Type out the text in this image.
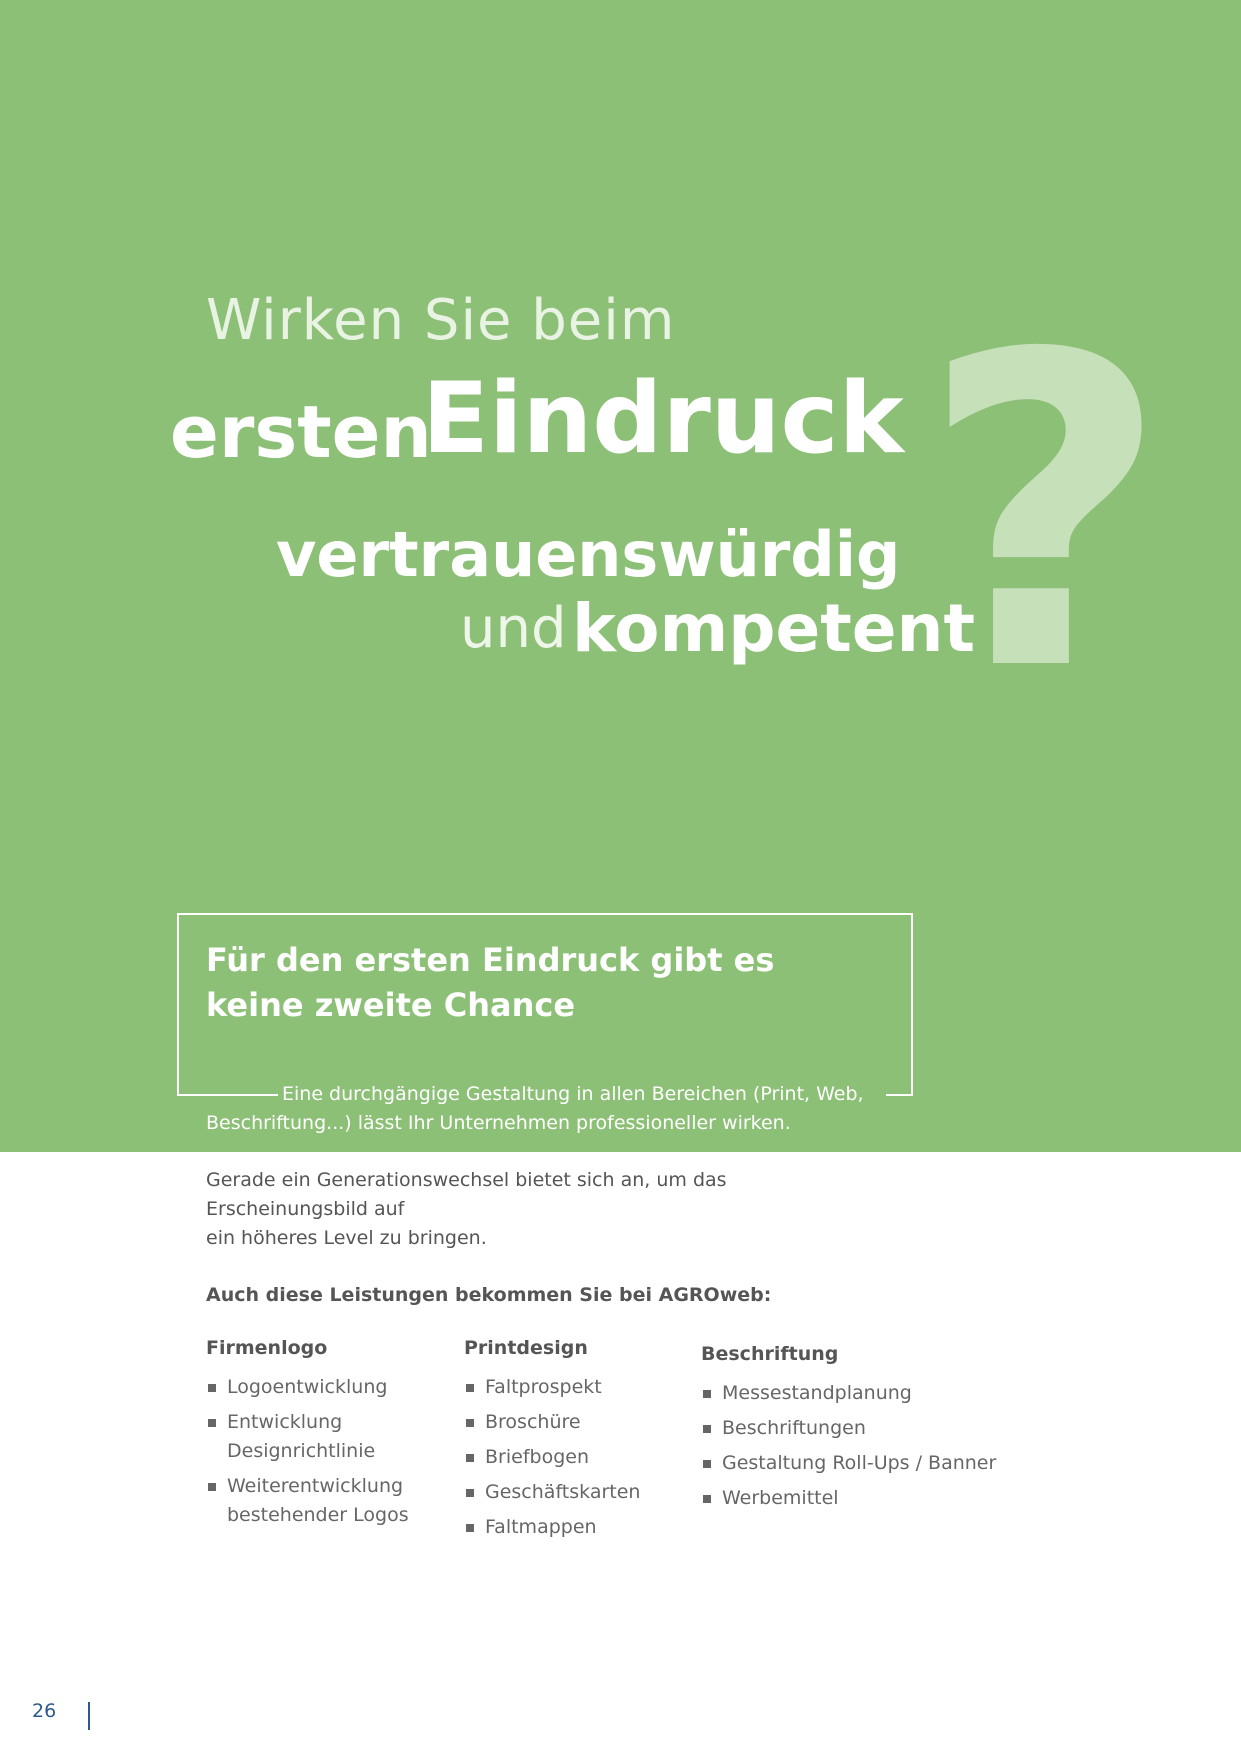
?
Wirken Sie beim
ersten
Eindruck
vertrauenswürdig
und kompetent
Für den ersten Eindruck gibt es
keine zweite Chance
Eine durchgängige Gestaltung in allen Bereichen (Print, Web,
Beschriftung...) lässt Ihr Unternehmen professioneller wirken.
Gerade ein Generationswechsel bietet sich an, um das Erscheinungsbild auf
ein höheres Level zu bringen.
Auch diese Leistungen bekommen Sie bei AGROweb:
Firmenlogo
Logoentwicklung
Entwicklung
Designrichtlinie
Weiterentwicklung
bestehender Logos
Printdesign
Faltprospekt
Broschüre
Briefbogen
Geschäftskarten
Faltmappen
Beschriftung
Messestandplanung
Beschriftungen
Gestaltung Roll-Ups / Banner
Werbemittel
26
